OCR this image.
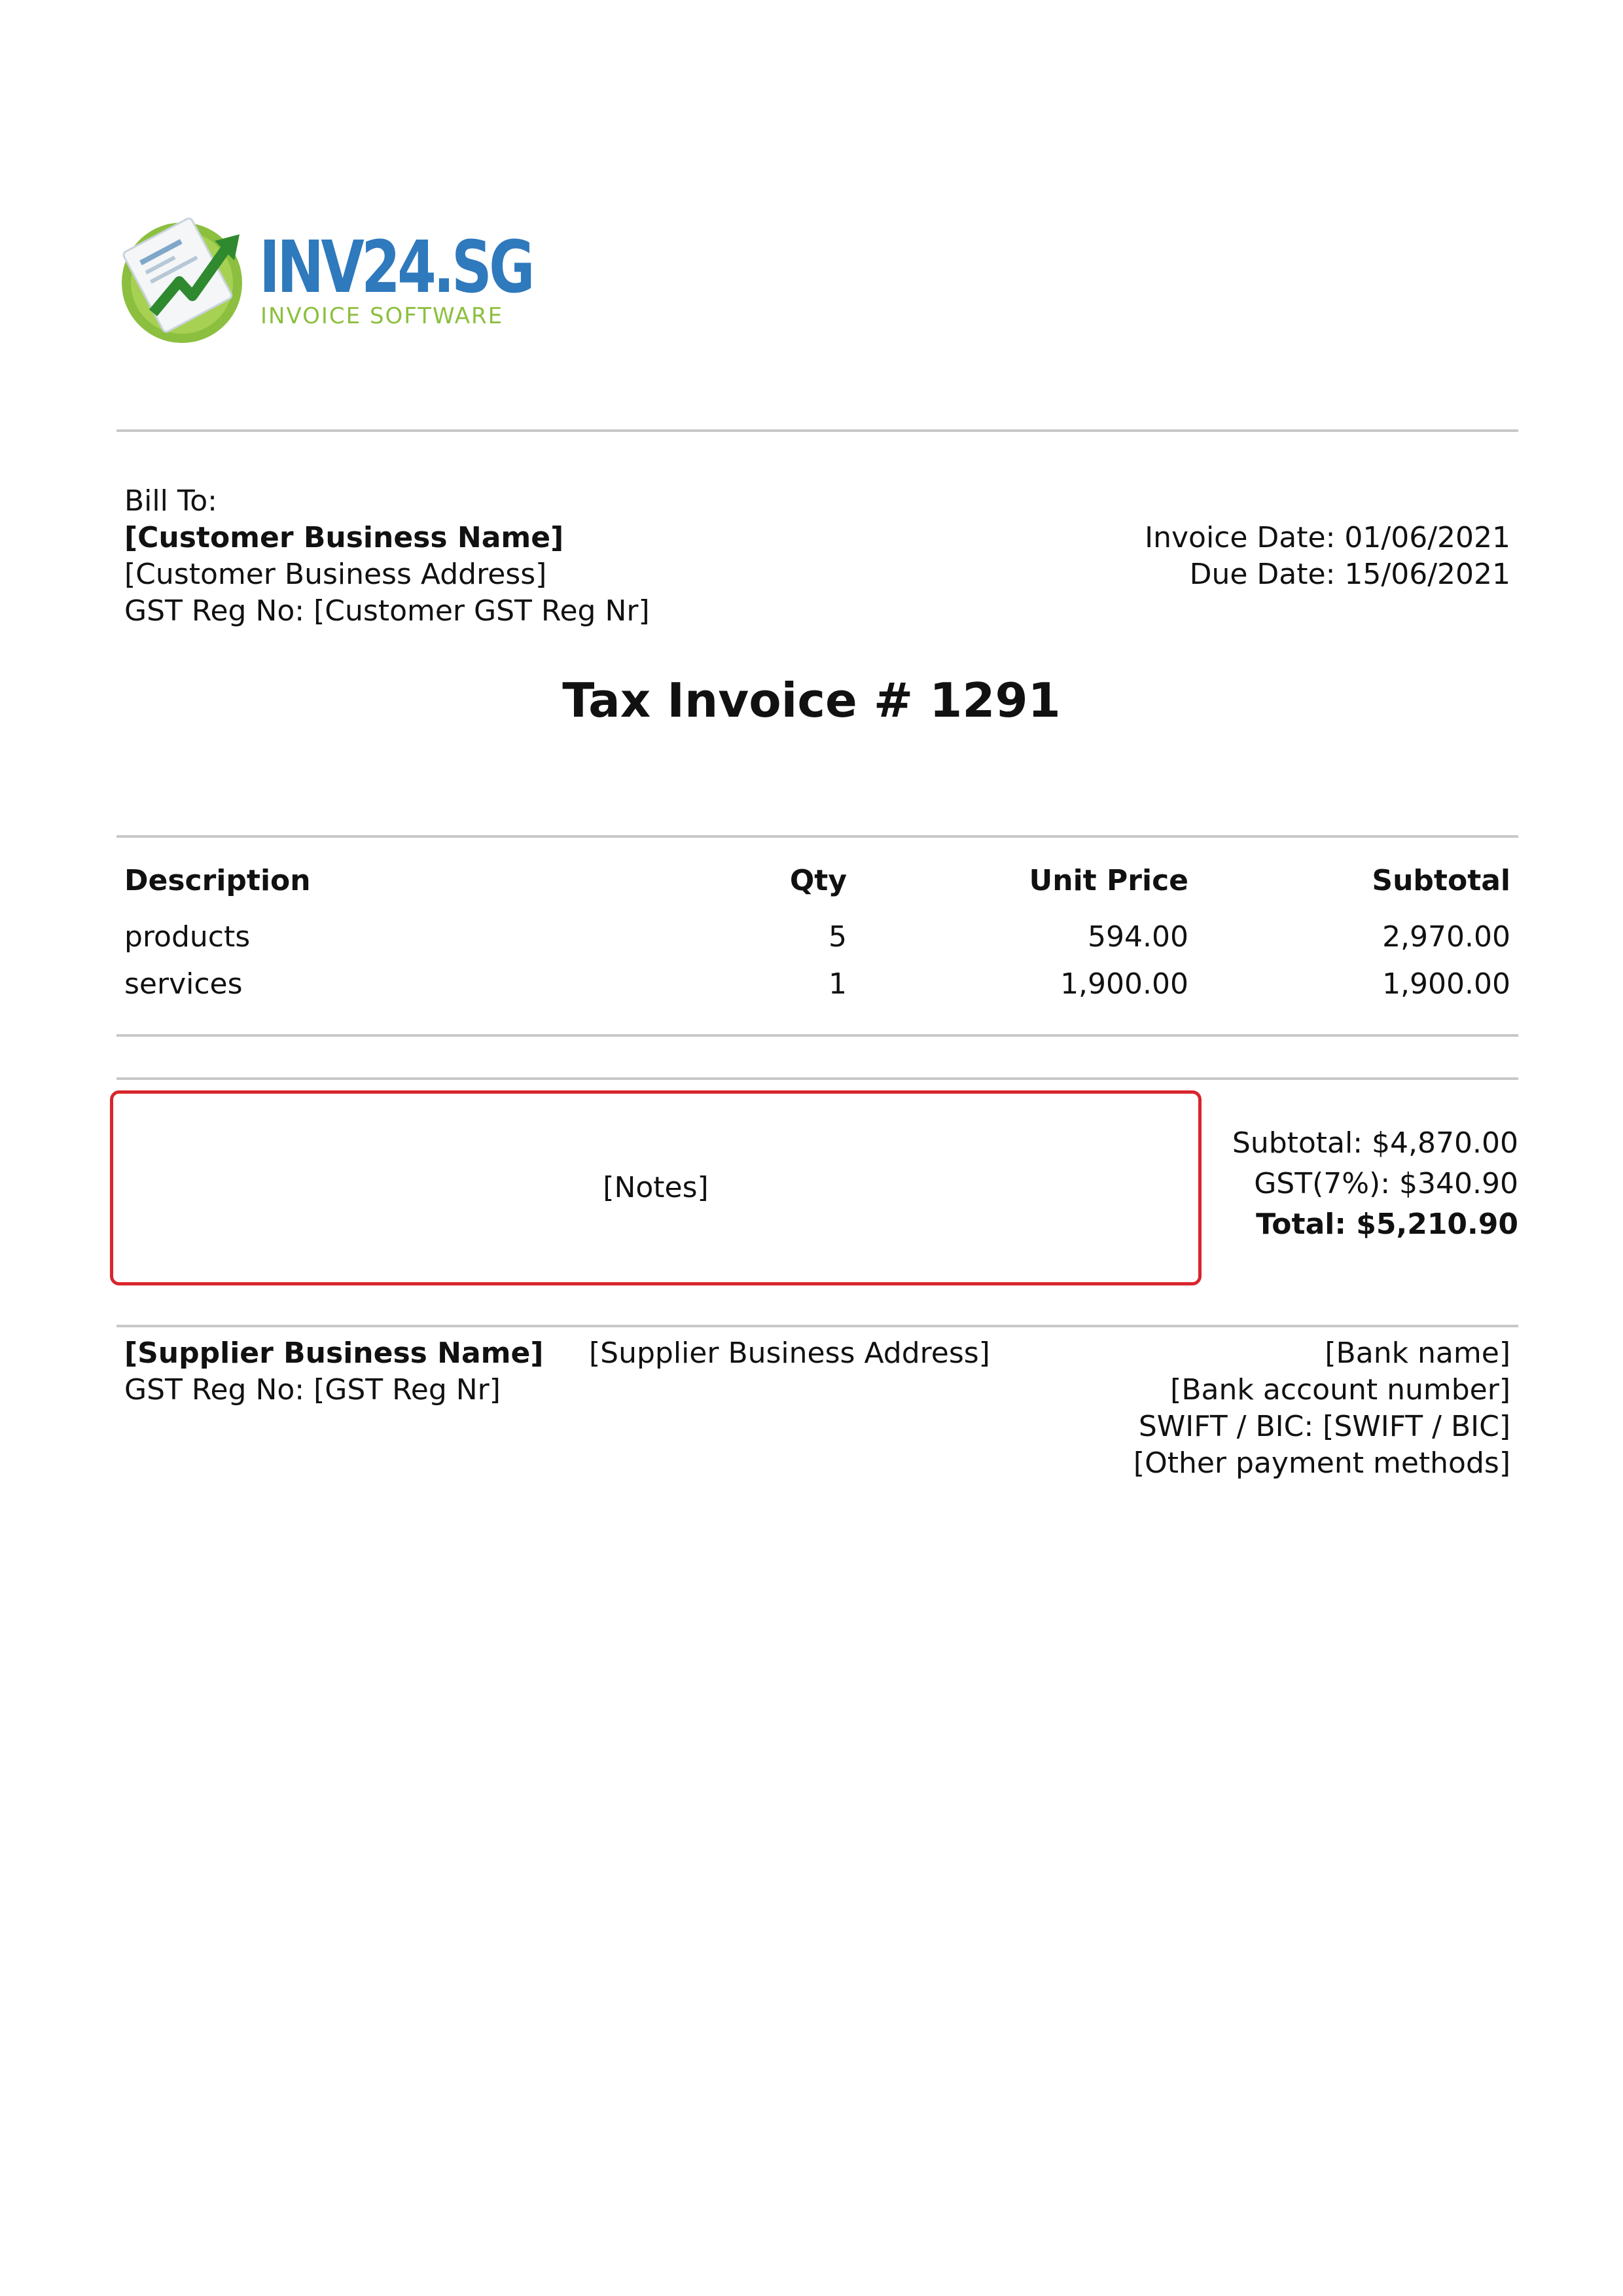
INV24.SG
INVOICE SOFTWARE
Bill To:
[Customer Business Name]
[Customer Business Address]
GST Reg No: [Customer GST Reg Nr]
Invoice Date: 01/06/2021
Due Date: 15/06/2021
Tax Invoice # 1291
Description	Qty	Unit Price	Subtotal
products	5	594.00	2,970.00
services	1	1,900.00	1,900.00
[Notes]
Subtotal: $4,870.00
GST(7%): $340.90
Total: $5,210.90
[Supplier Business Name]
GST Reg No: [GST Reg Nr]
[Supplier Business Address]	[Bank name]
[Bank account number]
SWIFT / BIC: [SWIFT / BIC]
[Other payment methods]
